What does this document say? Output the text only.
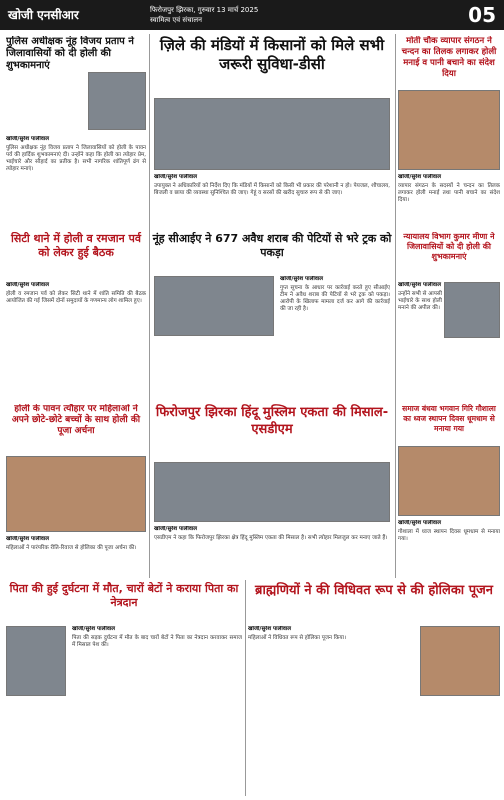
खोजी एनसीआर	फिरोजपुर झिरका, गुरुवार 13 मार्च 2025
स्वामित्व एवं संचालन	05
पुलिस अधीक्षक नूंह विजय प्रताप ने जिलावासियों को दी होली की शुभकामनाएं
खोजी/सुरेश पालीवाल
पुलिस अधीक्षक नूंह विजय प्रताप ने जिलावासियों को होली के पावन पर्व की हार्दिक शुभकामनाएं दी। उन्होंने कहा कि होली का त्योहार प्रेम, भाईचारे और सौहार्द का प्रतीक है। सभी नागरिक शांतिपूर्ण ढंग से त्योहार मनाएं।
ज़िले की मंडियों में किसानों को मिले सभी जरूरी सुविधा-डीसी
खोजी/सुरेश पालीवाल
उपायुक्त ने अधिकारियों को निर्देश दिए कि मंडियों में किसानों को किसी भी प्रकार की परेशानी न हो। पेयजल, शौचालय, बिजली व छाया की व्यवस्था सुनिश्चित की जाए। गेहूं व सरसों की खरीद सुचारु रूप से की जाए।
मोती चौक व्यापार संगठन ने चन्दन का तिलक लगाकर होली मनाई व पानी बचाने का संदेश दिया
खोजी/सुरेश पालीवाल
व्यापार संगठन के सदस्यों ने चन्दन का तिलक लगाकर होली मनाई तथा पानी बचाने का संदेश दिया।
सिटी थाने में होली व रमजान पर्व को लेकर हुई बैठक
खोजी/सुरेश पालीवाल
होली व रमजान पर्व को लेकर सिटी थाने में शांति समिति की बैठक आयोजित की गई जिसमें दोनों समुदायों के गणमान्य लोग शामिल हुए।
नूंह सीआईए ने 677 अवैध शराब की पेटियों से भरे ट्रक को पकड़ा
खोजी/सुरेश पालीवाल
गुप्त सूचना के आधार पर कार्रवाई करते हुए सीआईए टीम ने अवैध शराब की पेटियों से भरे ट्रक को पकड़ा। आरोपी के खिलाफ मामला दर्ज कर आगे की कार्रवाई की जा रही है।
न्यायालय विभाग कुमार मीणा ने जिलावासियों को दी होली की शुभकामनाएं
खोजी/सुरेश पालीवाल
उन्होंने सभी से आपसी भाईचारे के साथ होली मनाने की अपील की।
होली के पावन त्यौहार पर महिलाओं ने अपने छोटे-छोटे बच्चों के साथ होली की पूजा अर्चना
खोजी/सुरेश पालीवाल
महिलाओं ने पारंपरिक रीति-रिवाज से होलिका की पूजा अर्चना की।
फिरोजपुर झिरका हिंदू मुस्लिम एकता की मिसाल-एसडीएम
खोजी/सुरेश पालीवाल
एसडीएम ने कहा कि फिरोजपुर झिरका क्षेत्र हिंदू मुस्लिम एकता की मिसाल है। सभी त्योहार मिलजुल कर मनाए जाते हैं।
समाज बंधवा भगवान गिरि गौशाला का ध्वज स्थापन दिवस धूमधाम से मनाया गया
खोजी/सुरेश पालीवाल
गौशाला में ध्वज स्थापन दिवस धूमधाम से मनाया गया।
पिता की हुई दुर्घटना में मौत, चारों बेटों ने कराया पिता का नेत्रदान
खोजी/सुरेश पालीवाल
पिता की सड़क दुर्घटना में मौत के बाद चारों बेटों ने पिता का नेत्रदान करवाकर समाज में मिसाल पेश की।
ब्राह्मणियों ने की विधिवत रूप से की होलिका पूजन
खोजी/सुरेश पालीवाल
महिलाओं ने विधिवत रूप से होलिका पूजन किया।
